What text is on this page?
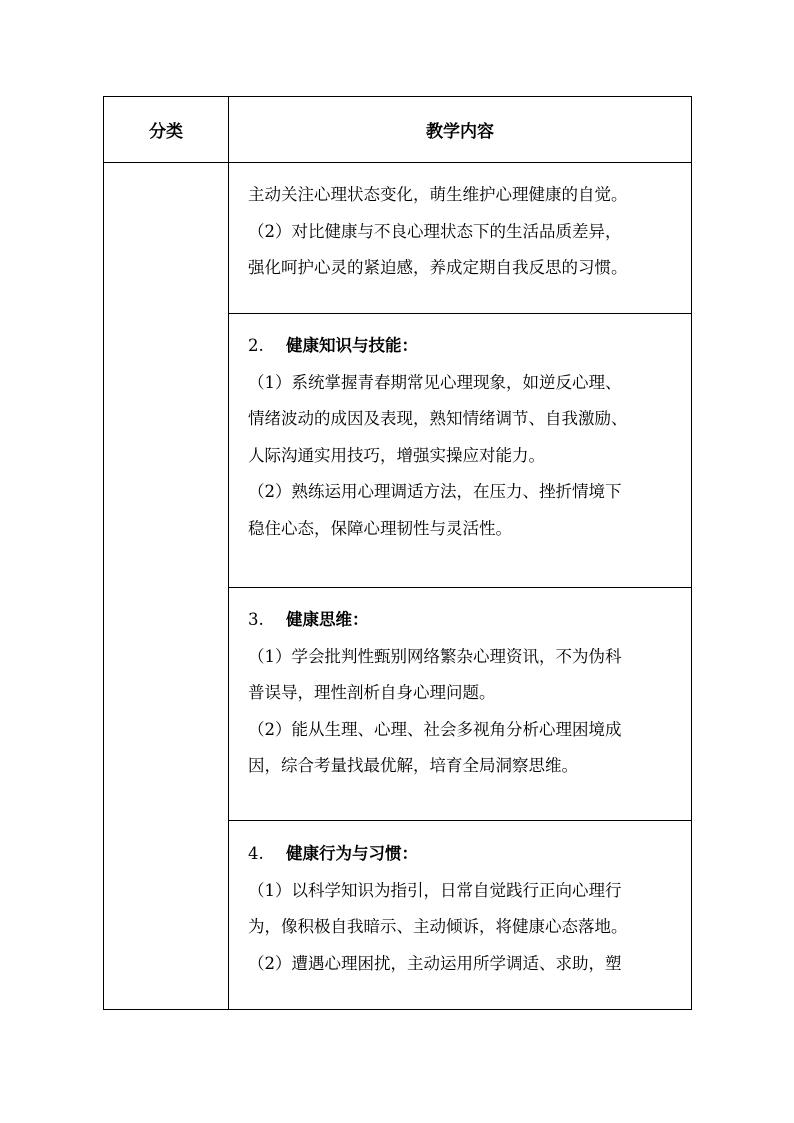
分类	教学内容

主动关注心理状态变化，萌生维护心理健康的自觉。

（2）对比健康与不良心理状态下的生活品质差异，

强化呵护心灵的紧迫感，养成定期自我反思的习惯。

2. 健康知识与技能：

（1）系统掌握青春期常见心理现象，如逆反心理、

情绪波动的成因及表现，熟知情绪调节、自我激励、

人际沟通实用技巧，增强实操应对能力。

（2）熟练运用心理调适方法，在压力、挫折情境下

稳住心态，保障心理韧性与灵活性。

3. 健康思维：

（1）学会批判性甄别网络繁杂心理资讯，不为伪科

普误导，理性剖析自身心理问题。

（2）能从生理、心理、社会多视角分析心理困境成

因，综合考量找最优解，培育全局洞察思维。

4. 健康行为与习惯：

（1）以科学知识为指引，日常自觉践行正向心理行

为，像积极自我暗示、主动倾诉，将健康心态落地。

（2）遭遇心理困扰，主动运用所学调适、求助，塑
